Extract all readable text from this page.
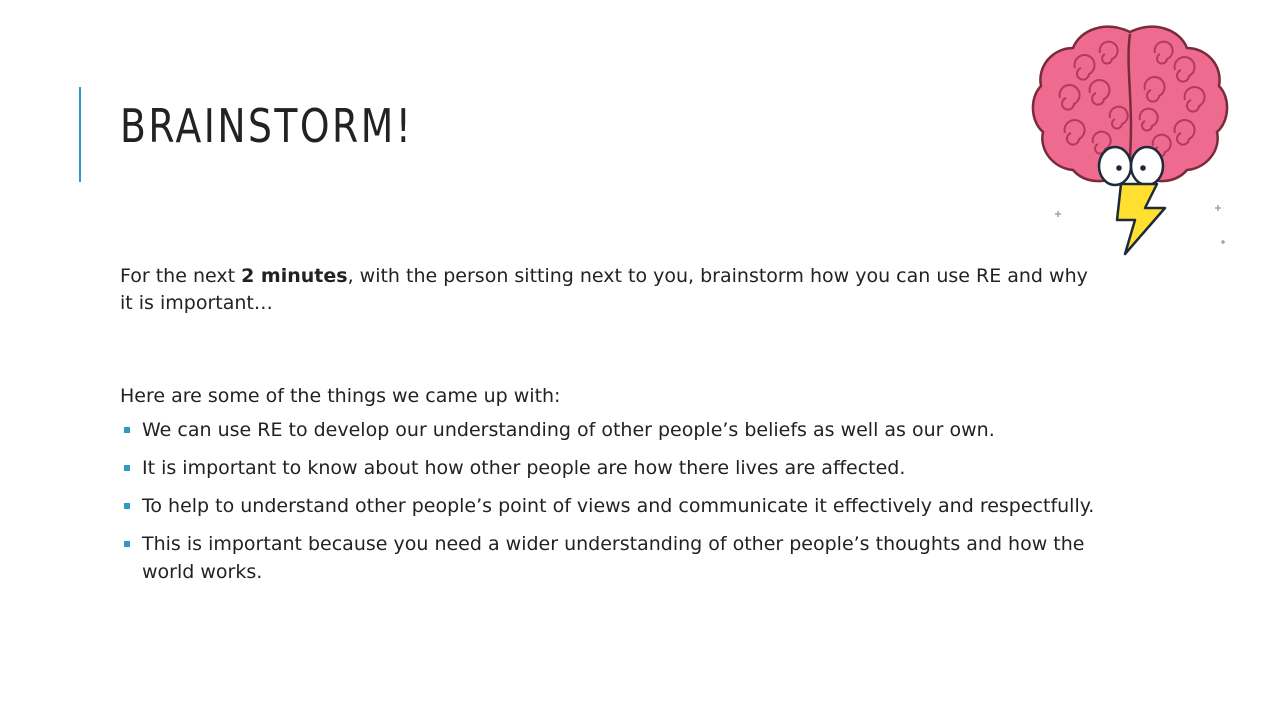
BRAINSTORM!

For the next 2 minutes, with the person sitting next to you, brainstorm how you can use RE and why it is important…

Here are some of the things we came up with:

We can use RE to develop our understanding of other people’s beliefs as well as our own.
It is important to know about how other people are how there lives are affected.
To help to understand other people’s point of views and communicate it effectively and respectfully.
This is important because you need a wider understanding of other people’s thoughts and how the world works.
